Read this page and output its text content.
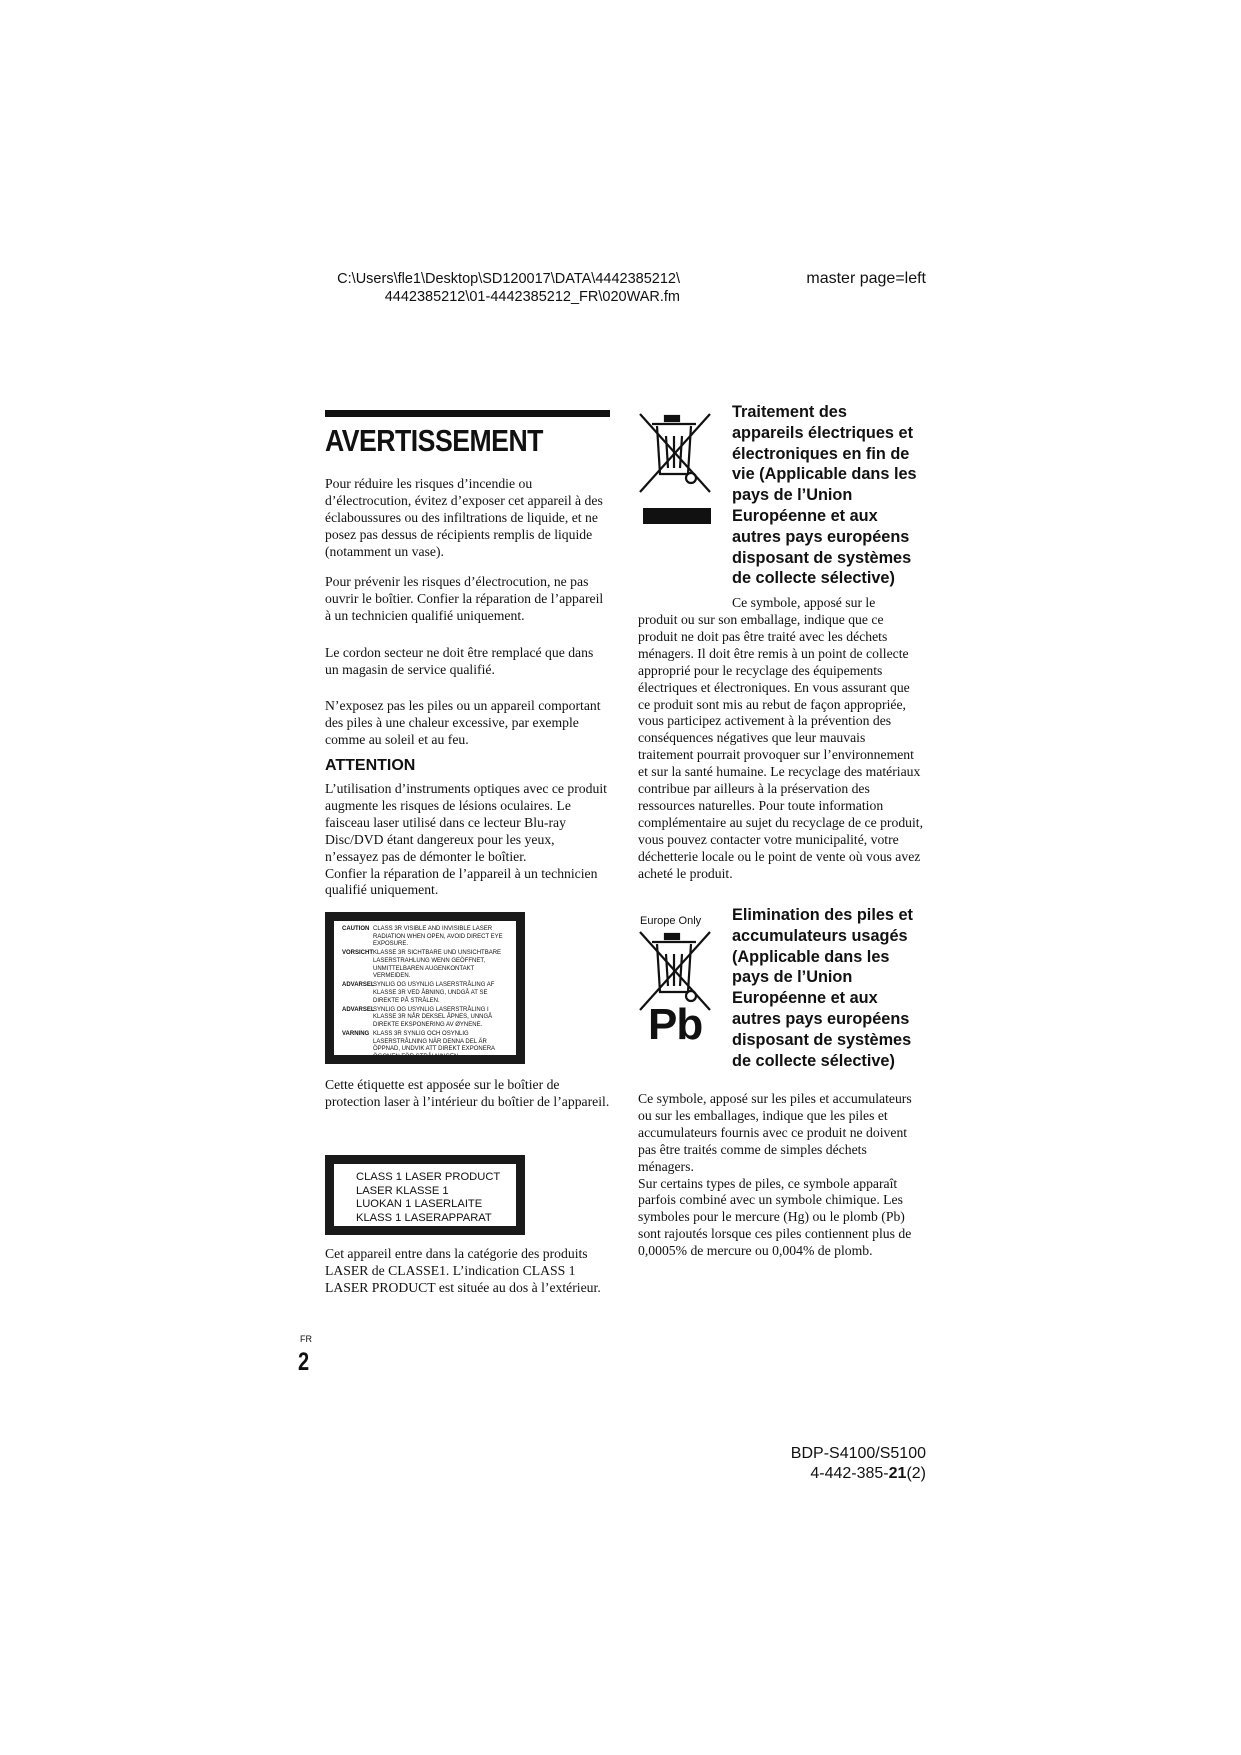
C:\Users\fle1\Desktop\SD120017\DATA\4442385212\
4442385212\01-4442385212_FR\020WAR.fm
master page=left
AVERTISSEMENT

Pour réduire les risques d’incendie ou d’électrocution, évitez d’exposer cet appareil à des éclaboussures ou des infiltrations de liquide, et ne posez pas dessus de récipients remplis de liquide (notamment un vase).

Pour prévenir les risques d’électrocution, ne pas ouvrir le boîtier. Confier la réparation de l’appareil à un technicien qualifié uniquement.

Le cordon secteur ne doit être remplacé que dans un magasin de service qualifié.

N’exposez pas les piles ou un appareil comportant des piles à une chaleur excessive, par exemple comme au soleil et au feu.

ATTENTION
L’utilisation d’instruments optiques avec ce produit augmente les risques de lésions oculaires. Le faisceau laser utilisé dans ce lecteur Blu-ray Disc/DVD étant dangereux pour les yeux, n’essayez pas de démonter le boîtier.
Confier la réparation de l’appareil à un technicien qualifié uniquement.
CAUTION CLASS 3R VISIBLE AND INVISIBLE LASER RADIATION WHEN OPEN, AVOID DIRECT EYE EXPOSURE.
VORSICHT KLASSE 3R SICHTBARE UND UNSICHTBARE LASERSTRAHLUNG WENN GEÖFFNET, UNMITTELBAREN AUGENKONTAKT VERMEIDEN.
ADVARSEL
SYNLIG OG USYNLIG LASERSTRÅLING AF KLASSE 3R VED ÅBNING, UNDGÅ AT SE DIREKTE PÅ STRÅLEN.
ADVARSEL
SYNLIG OG USYNLIG LASERSTRÅLING I KLASSE 3R NÅR DEKSEL ÅPNES, UNNGÅ DIREKTE EKSPONERING AV ØYNENE.
VARNING KLASS 3R SYNLIG OCH OSYNLIG LASERSTRÅLNING NÄR DENNA DEL ÄR ÖPPNAD, UNDVIK ATT DIREKT EXPONERA ÖGONEN FÖR STRÅLNINGEN.

Cette étiquette est apposée sur le boîtier de protection laser à l’intérieur du boîtier de l’appareil.

CLASS 1 LASER PRODUCT
LASER KLASSE 1
LUOKAN 1 LASERLAITE
KLASS 1 LASERAPPARAT

Cet appareil entre dans la catégorie des produits LASER de CLASSE1. L’indication CLASS 1 LASER PRODUCT est située au dos à l’extérieur.

Traitement des
appareils électriques et
électroniques en fin de
vie (Applicable dans les
pays de l’Union
Européenne et aux
autres pays européens
disposant de systèmes
de collecte sélective)

Ce symbole, apposé sur le

produit ou sur son emballage, indique que ce produit ne doit pas être traité avec les déchets ménagers. Il doit être remis à un point de collecte approprié pour le recyclage des équipements électriques et électroniques. En vous assurant que ce produit sont mis au rebut de façon appropriée, vous participez activement à la prévention des conséquences négatives que leur mauvais traitement pourrait provoquer sur l’environnement et sur la santé humaine. Le recyclage des matériaux contribue par ailleurs à la préservation des ressources naturelles. Pour toute information complémentaire au sujet du recyclage de ce produit, vous pouvez contacter votre municipalité, votre déchetterie locale ou le point de vente où vous avez acheté le produit.

Europe Only
Pb
Elimination des piles et
accumulateurs usagés
(Applicable dans les
pays de l’Union
Européenne et aux
autres pays européens
disposant de systèmes
de collecte sélective)
Ce symbole, apposé sur les piles et accumulateurs ou sur les emballages, indique que les piles et accumulateurs fournis avec ce produit ne doivent pas être traités comme de simples déchets ménagers.
Sur certains types de piles, ce symbole apparaît parfois combiné avec un symbole chimique. Les symboles pour le mercure (Hg) ou le plomb (Pb) sont rajoutés lorsque ces piles contiennent plus de 0,0005% de mercure ou 0,004% de plomb.
FR
2
BDP-S4100/S5100
4-442-385-21(2)
